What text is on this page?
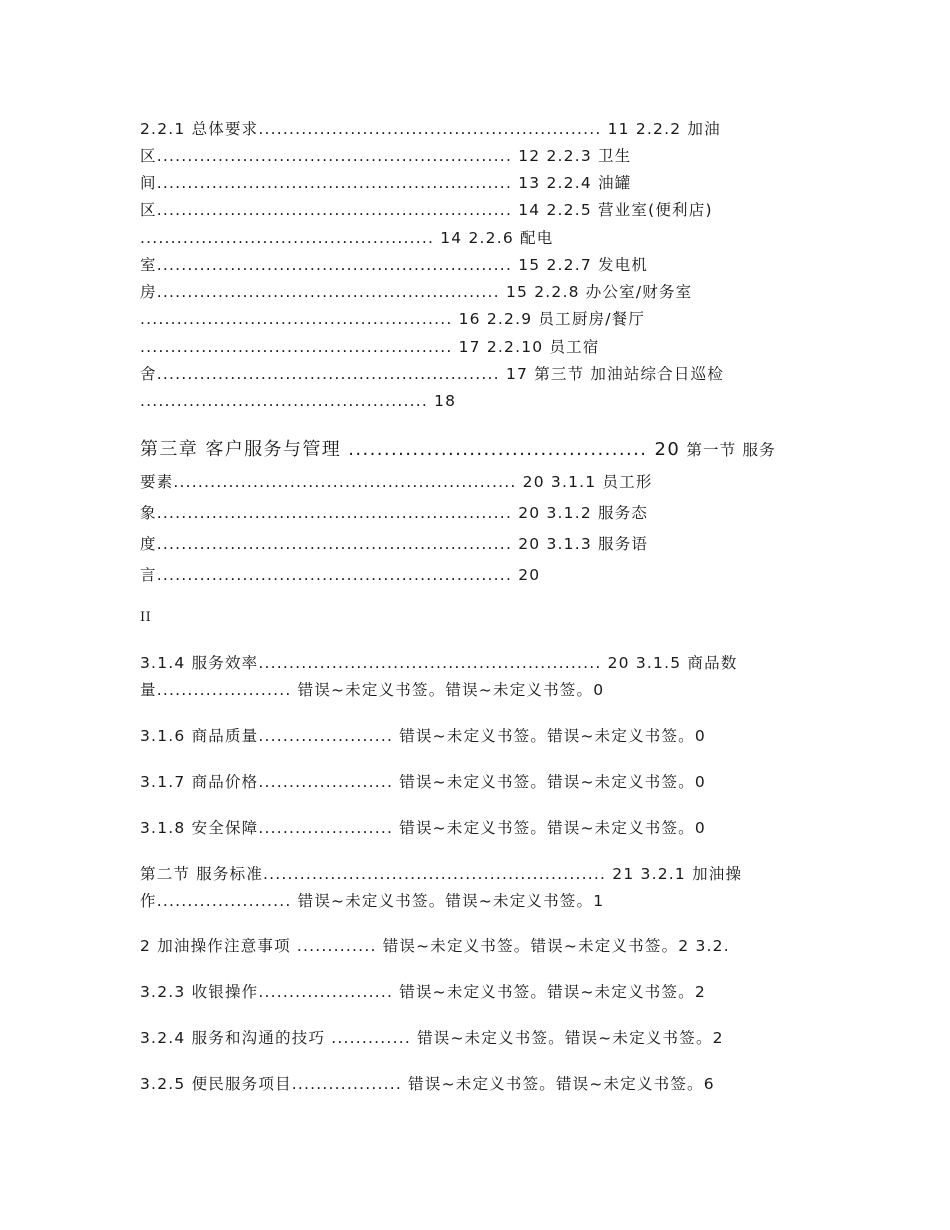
2.2.1 总体要求........................................................ 11 2.2.2 加油

区.......................................................... 12 2.2.3 卫生

间.......................................................... 13 2.2.4 油罐

区.......................................................... 14 2.2.5 营业室(便利店)

................................................ 14 2.2.6 配电

室.......................................................... 15 2.2.7 发电机

房........................................................ 15 2.2.8 办公室/财务室

................................................... 16 2.2.9 员工厨房/餐厅

................................................... 17 2.2.10 员工宿

舍........................................................ 17 第三节 加油站综合日巡检

............................................... 18

第三章 客户服务与管理 .......................................... 20 第一节 服务

要素........................................................ 20 3.1.1 员工形

象.......................................................... 20 3.1.2 服务态

度.......................................................... 20 3.1.3 服务语

言.......................................................... 20

II

3.1.4 服务效率........................................................ 20 3.1.5 商品数

量...................... 错误~未定义书签。错误~未定义书签。0

3.1.6 商品质量...................... 错误~未定义书签。错误~未定义书签。0

3.1.7 商品价格...................... 错误~未定义书签。错误~未定义书签。0

3.1.8 安全保障...................... 错误~未定义书签。错误~未定义书签。0

第二节 服务标准........................................................ 21 3.2.1 加油操

作...................... 错误~未定义书签。错误~未定义书签。1

2 加油操作注意事项 ............. 错误~未定义书签。错误~未定义书签。2 3.2.

3.2.3 收银操作...................... 错误~未定义书签。错误~未定义书签。2

3.2.4 服务和沟通的技巧 ............. 错误~未定义书签。错误~未定义书签。2

3.2.5 便民服务项目.................. 错误~未定义书签。错误~未定义书签。6
